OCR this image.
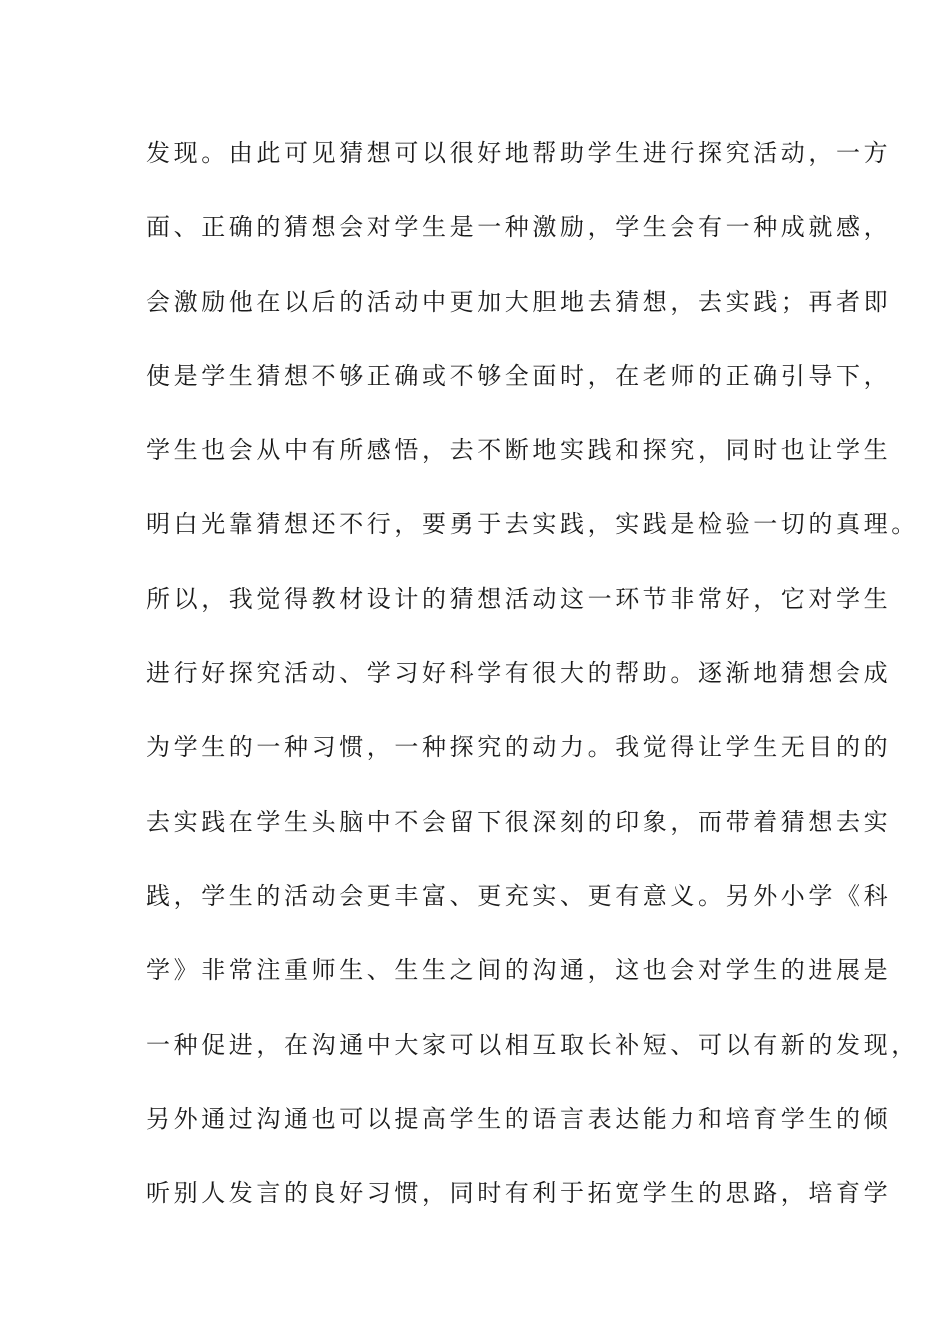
发现。由此可见猜想可以很好地帮助学生进行探究活动，一方
面、正确的猜想会对学生是一种激励，学生会有一种成就感，
会激励他在以后的活动中更加大胆地去猜想，去实践；再者即
使是学生猜想不够正确或不够全面时，在老师的正确引导下，
学生也会从中有所感悟，去不断地实践和探究，同时也让学生
明白光靠猜想还不行，要勇于去实践，实践是检验一切的真理。
所以，我觉得教材设计的猜想活动这一环节非常好，它对学生
进行好探究活动、学习好科学有很大的帮助。逐渐地猜想会成
为学生的一种习惯，一种探究的动力。我觉得让学生无目的的
去实践在学生头脑中不会留下很深刻的印象，而带着猜想去实
践，学生的活动会更丰富、更充实、更有意义。另外小学《科
学》非常注重师生、生生之间的沟通，这也会对学生的进展是
一种促进，在沟通中大家可以相互取长补短、可以有新的发现，
另外通过沟通也可以提高学生的语言表达能力和培育学生的倾
听别人发言的良好习惯，同时有利于拓宽学生的思路，培育学
